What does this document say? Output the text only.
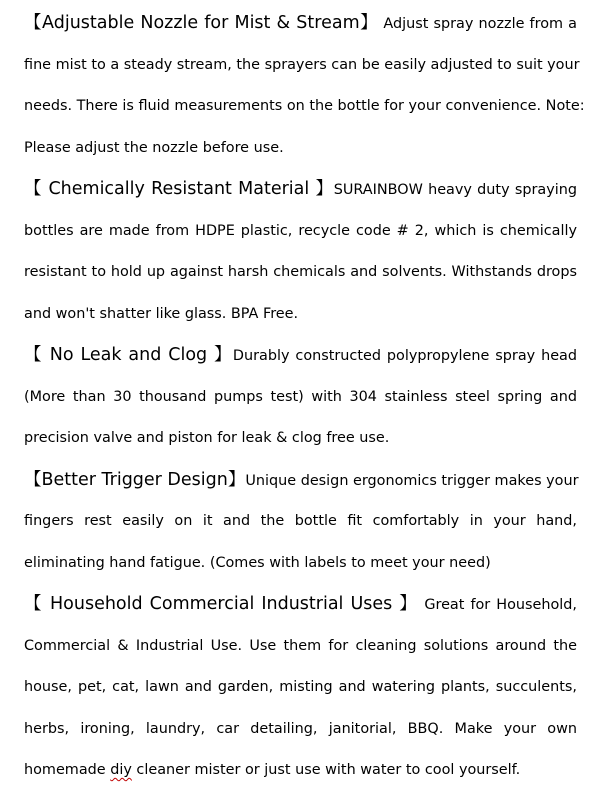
【Adjustable Nozzle for Mist & Stream】 Adjust spray nozzle from a
fine mist to a steady stream, the sprayers can be easily adjusted to suit your
needs. There is fluid measurements on the bottle for your convenience. Note:
Please adjust the nozzle before use.
【 Chemically Resistant Material 】SURAINBOW heavy duty spraying
bottles are made from HDPE plastic, recycle code # 2, which is chemically
resistant to hold up against harsh chemicals and solvents. Withstands drops
and won't shatter like glass. BPA Free.
【 No Leak and Clog 】Durably constructed polypropylene spray head
(More than 30 thousand pumps test) with 304 stainless steel spring and
precision valve and piston for leak & clog free use.
【Better Trigger Design】Unique design ergonomics trigger makes your
fingers rest easily on it and the bottle fit comfortably in your hand,
eliminating hand fatigue. (Comes with labels to meet your need)
【 Household Commercial Industrial Uses 】 Great for Household,
Commercial & Industrial Use. Use them for cleaning solutions around the
house, pet, cat, lawn and garden, misting and watering plants, succulents,
herbs, ironing, laundry, car detailing, janitorial, BBQ. Make your own
homemade diy cleaner mister or just use with water to cool yourself.
